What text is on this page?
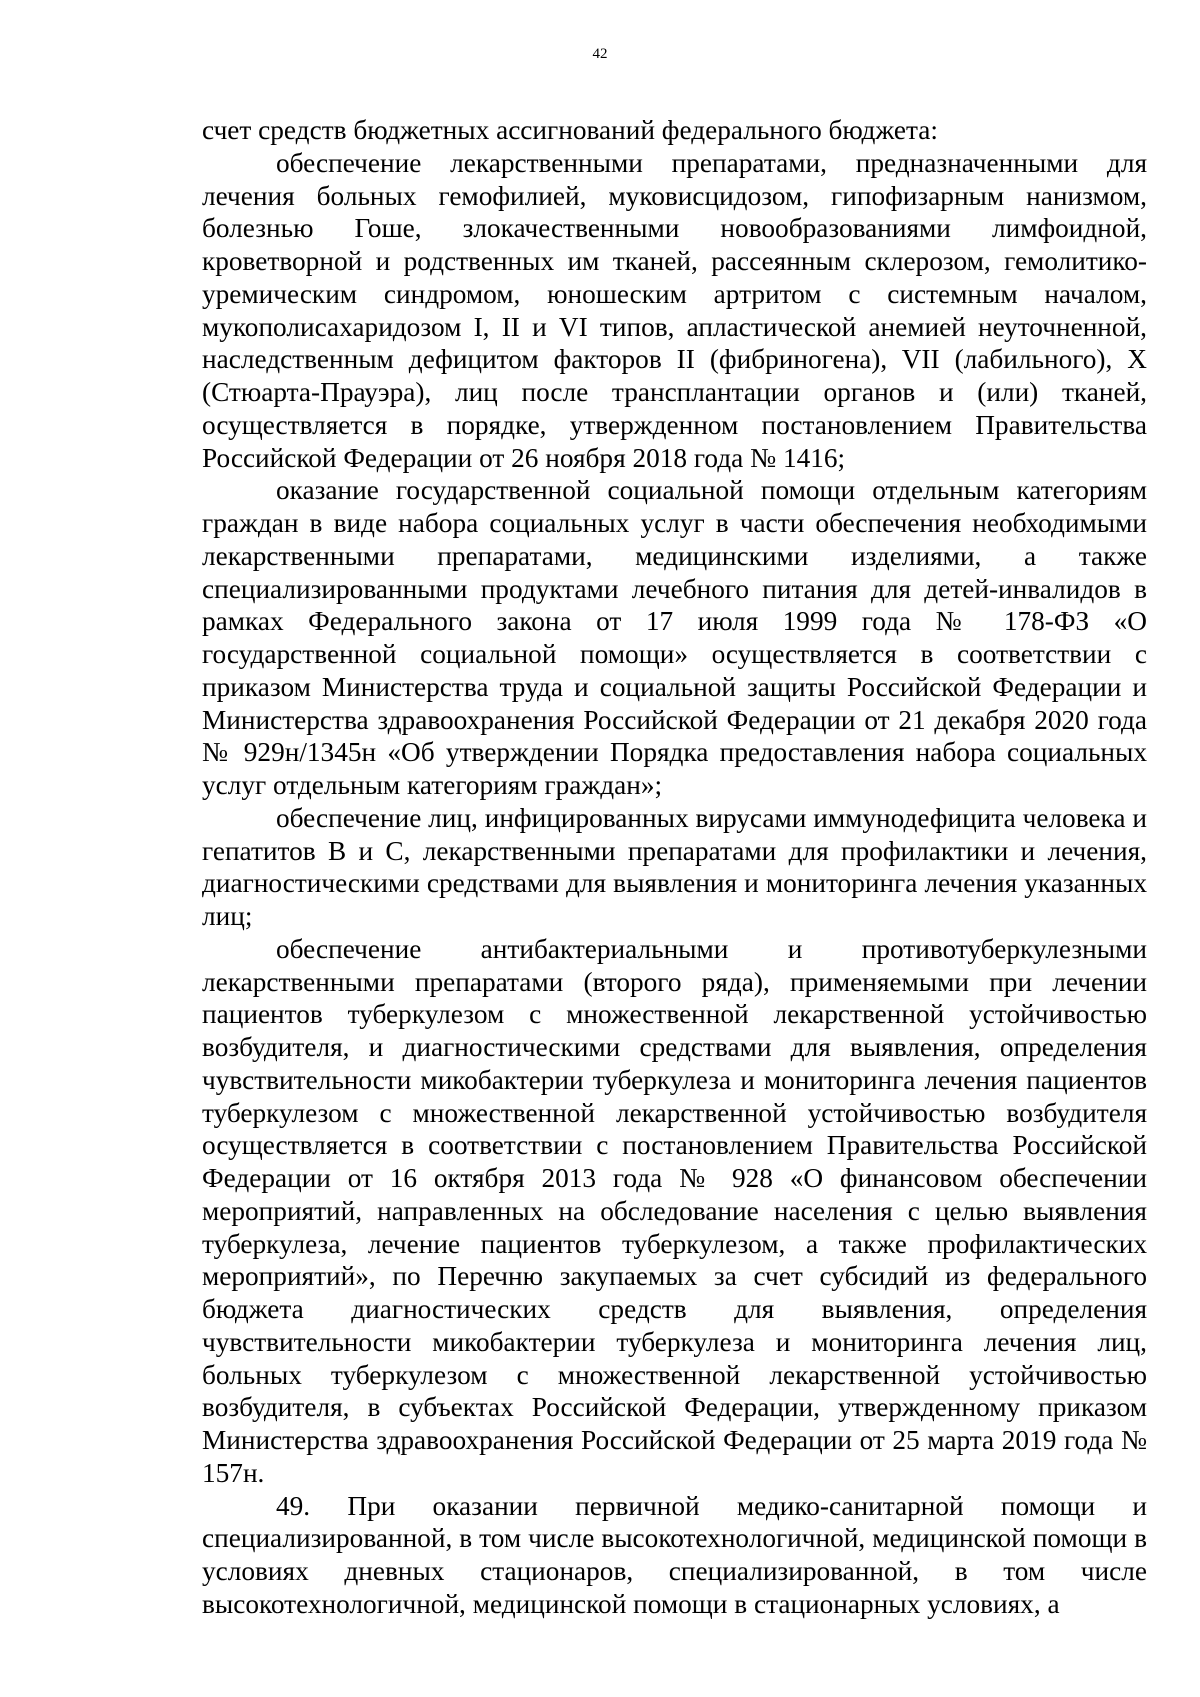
42

счет средств бюджетных ассигнований федерального бюджета:

обеспечение лекарственными препаратами, предназначенными для лечения больных гемофилией, муковисцидозом, гипофизарным нанизмом, болезнью Гоше, злокачественными новообразованиями лимфоидной, кроветворной и родственных им тканей, рассеянным склерозом, гемолитико-уремическим синдромом, юношеским артритом с системным началом, мукополисахаридозом I, II и VI типов, апластической анемией неуточненной, наследственным дефицитом факторов II (фибриногена), VII (лабильного), X (Стюарта-Прауэра), лиц после трансплантации органов и (или) тканей, осуществляется в порядке, утвержденном постановлением Правительства Российской Федерации от 26 ноября 2018 года № 1416;

оказание государственной социальной помощи отдельным категориям граждан в виде набора социальных услуг в части обеспечения необходимыми лекарственными препаратами, медицинскими изделиями, а также специализированными продуктами лечебного питания для детей-инвалидов в рамках Федерального закона от 17 июля 1999 года № 178-ФЗ «О государственной социальной помощи» осуществляется в соответствии с приказом Министерства труда и социальной защиты Российской Федерации и Министерства здравоохранения Российской Федерации от 21 декабря 2020 года № 929н/1345н «Об утверждении Порядка предоставления набора социальных услуг отдельным категориям граждан»;

обеспечение лиц, инфицированных вирусами иммунодефицита человека и гепатитов B и C, лекарственными препаратами для профилактики и лечения, диагностическими средствами для выявления и мониторинга лечения указанных лиц;

обеспечение антибактериальными и противотуберкулезными лекарственными препаратами (второго ряда), применяемыми при лечении пациентов туберкулезом с множественной лекарственной устойчивостью возбудителя, и диагностическими средствами для выявления, определения чувствительности микобактерии туберкулеза и мониторинга лечения пациентов туберкулезом с множественной лекарственной устойчивостью возбудителя осуществляется в соответствии с постановлением Правительства Российской Федерации от 16 октября 2013 года № 928 «О финансовом обеспечении мероприятий, направленных на обследование населения с целью выявления туберкулеза, лечение пациентов туберкулезом, а также профилактических мероприятий», по Перечню закупаемых за счет субсидий из федерального бюджета диагностических средств для выявления, определения чувствительности микобактерии туберкулеза и мониторинга лечения лиц, больных туберкулезом с множественной лекарственной устойчивостью возбудителя, в субъектах Российской Федерации, утвержденному приказом Министерства здравоохранения Российской Федерации от 25 марта 2019 года № 157н.

49. При оказании первичной медико-санитарной помощи и специализированной, в том числе высокотехнологичной, медицинской помощи в условиях дневных стационаров, специализированной, в том числе высокотехнологичной, медицинской помощи в стационарных условиях, а
